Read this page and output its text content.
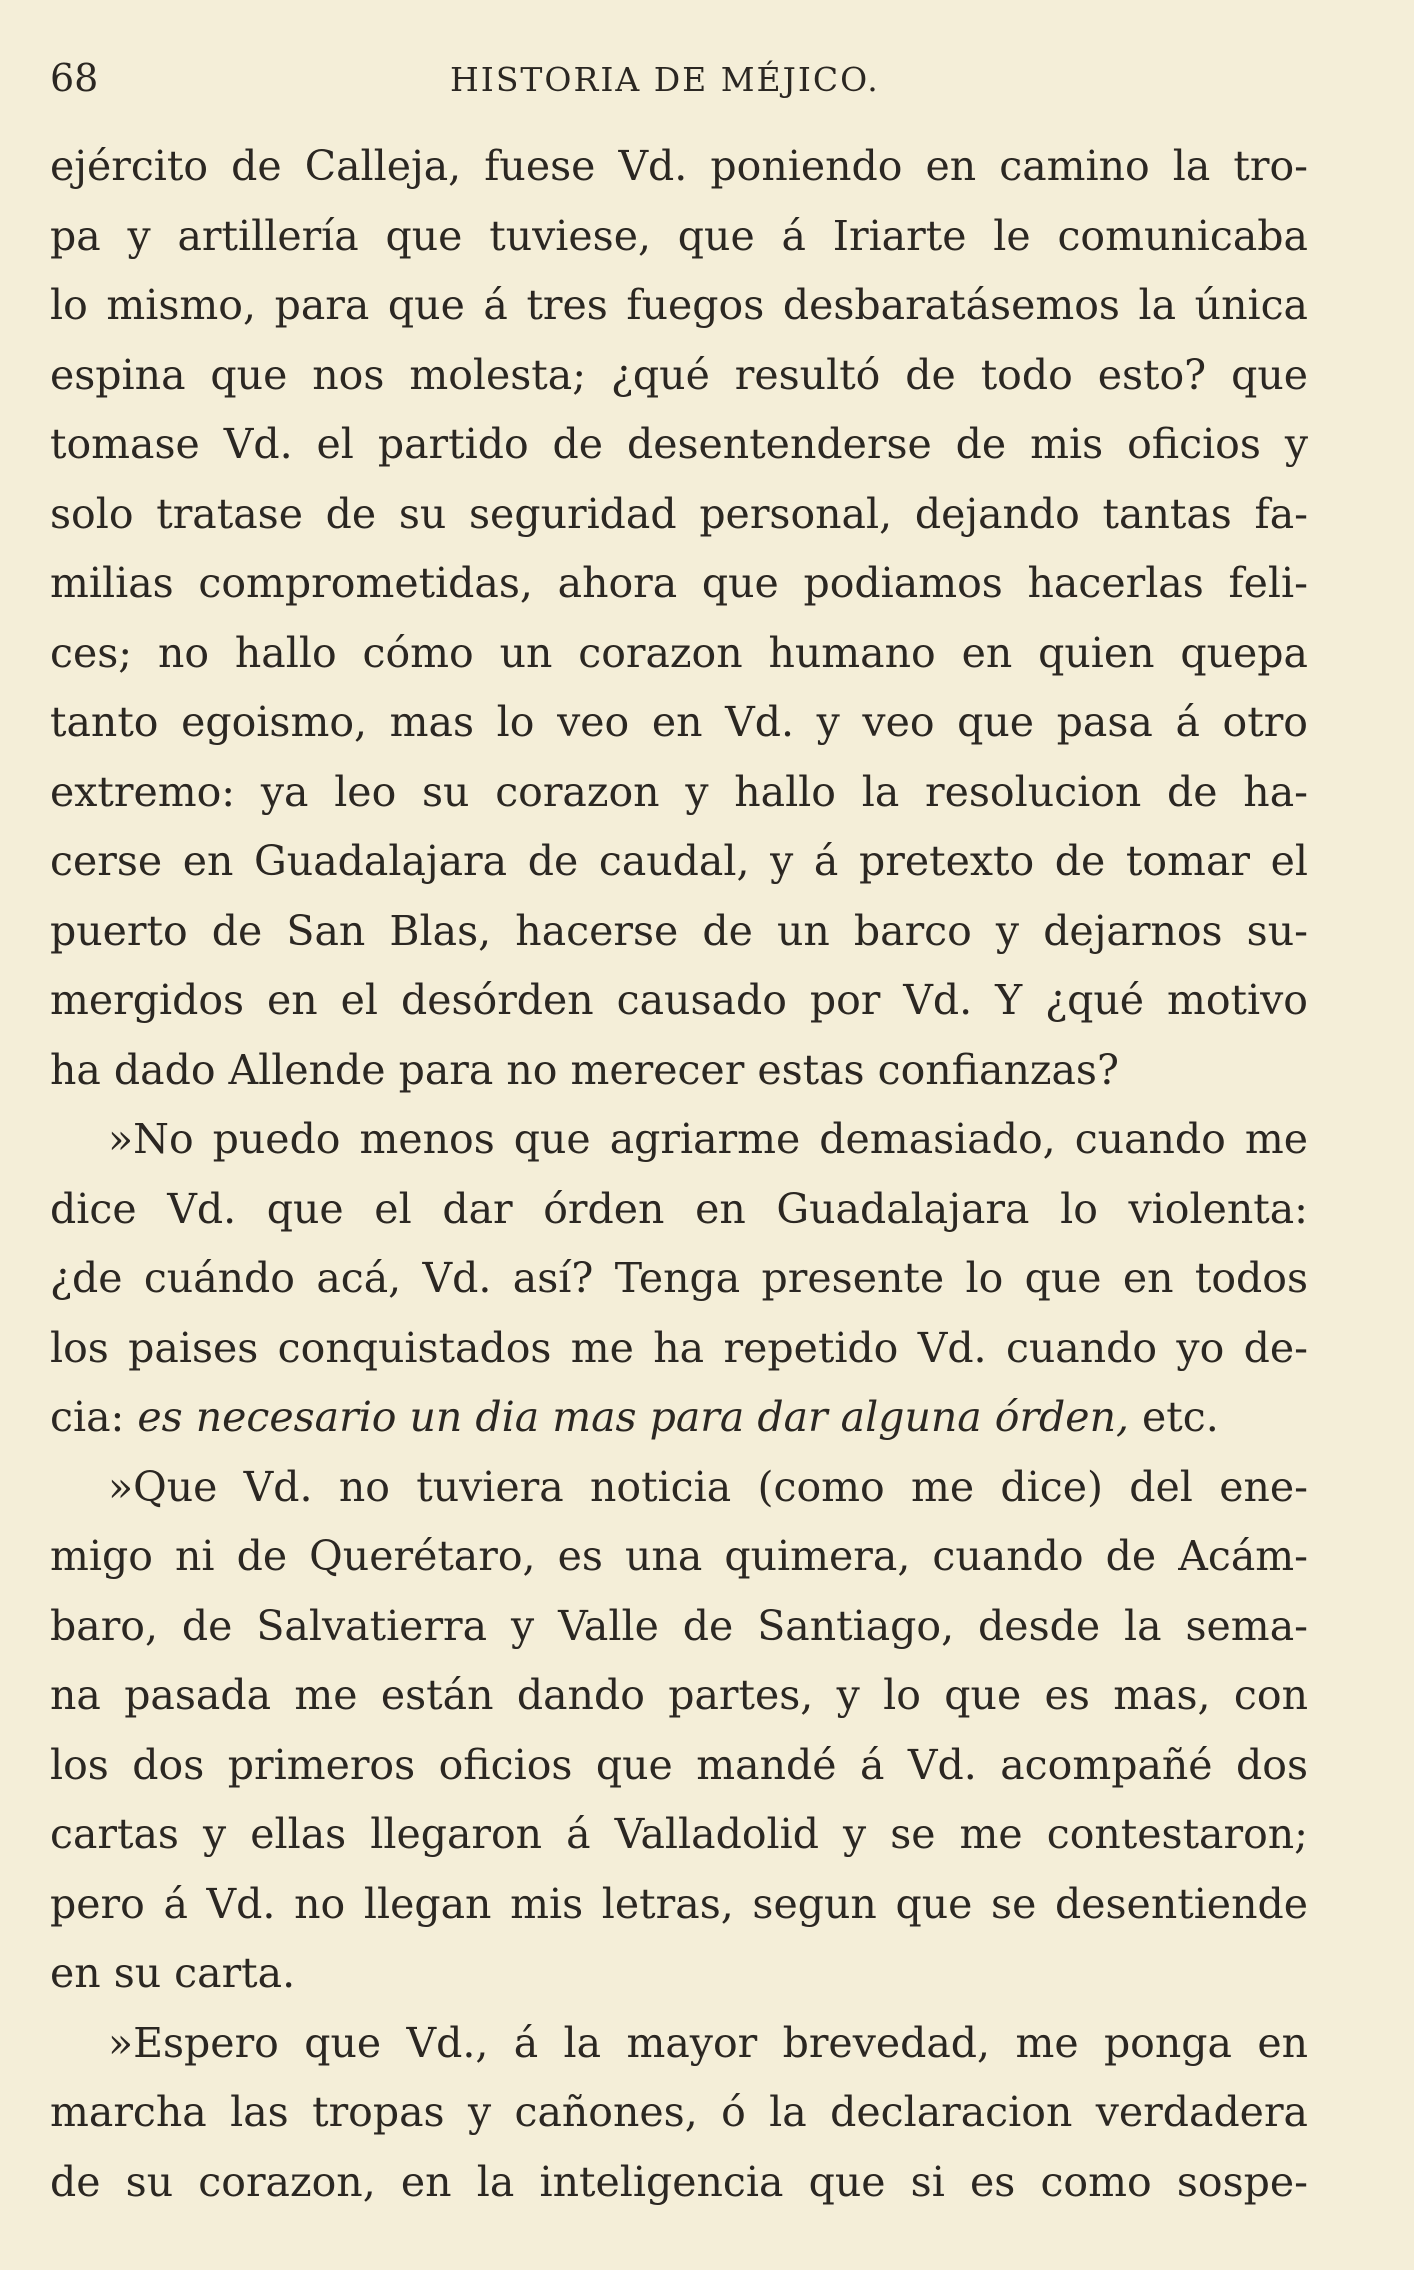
68	HISTORIA DE MÉJICO.
ejército de Calleja, fuese Vd. poniendo en camino la tro-
pa y artillería que tuviese, que á Iriarte le comunicaba
lo mismo, para que á tres fuegos desbaratásemos la única
espina que nos molesta; ¿qué resultó de todo esto? que
tomase Vd. el partido de desentenderse de mis oficios y
solo tratase de su seguridad personal, dejando tantas fa-
milias comprometidas, ahora que podiamos hacerlas feli-
ces; no hallo cómo un corazon humano en quien quepa
tanto egoismo, mas lo veo en Vd. y veo que pasa á otro
extremo: ya leo su corazon y hallo la resolucion de ha-
cerse en Guadalajara de caudal, y á pretexto de tomar el
puerto de San Blas, hacerse de un barco y dejarnos su-
mergidos en el desórden causado por Vd. Y ¿qué motivo
ha dado Allende para no merecer estas confianzas?
»No puedo menos que agriarme demasiado, cuando me
dice Vd. que el dar órden en Guadalajara lo violenta:
¿de cuándo acá, Vd. así? Tenga presente lo que en todos
los paises conquistados me ha repetido Vd. cuando yo de-
cia: es necesario un dia mas para dar alguna órden, etc.
»Que Vd. no tuviera noticia (como me dice) del ene-
migo ni de Querétaro, es una quimera, cuando de Acám-
baro, de Salvatierra y Valle de Santiago, desde la sema-
na pasada me están dando partes, y lo que es mas, con
los dos primeros oficios que mandé á Vd. acompañé dos
cartas y ellas llegaron á Valladolid y se me contestaron;
pero á Vd. no llegan mis letras, segun que se desentiende
en su carta.
»Espero que Vd., á la mayor brevedad, me ponga en
marcha las tropas y cañones, ó la declaracion verdadera
de su corazon, en la inteligencia que si es como sospe-
